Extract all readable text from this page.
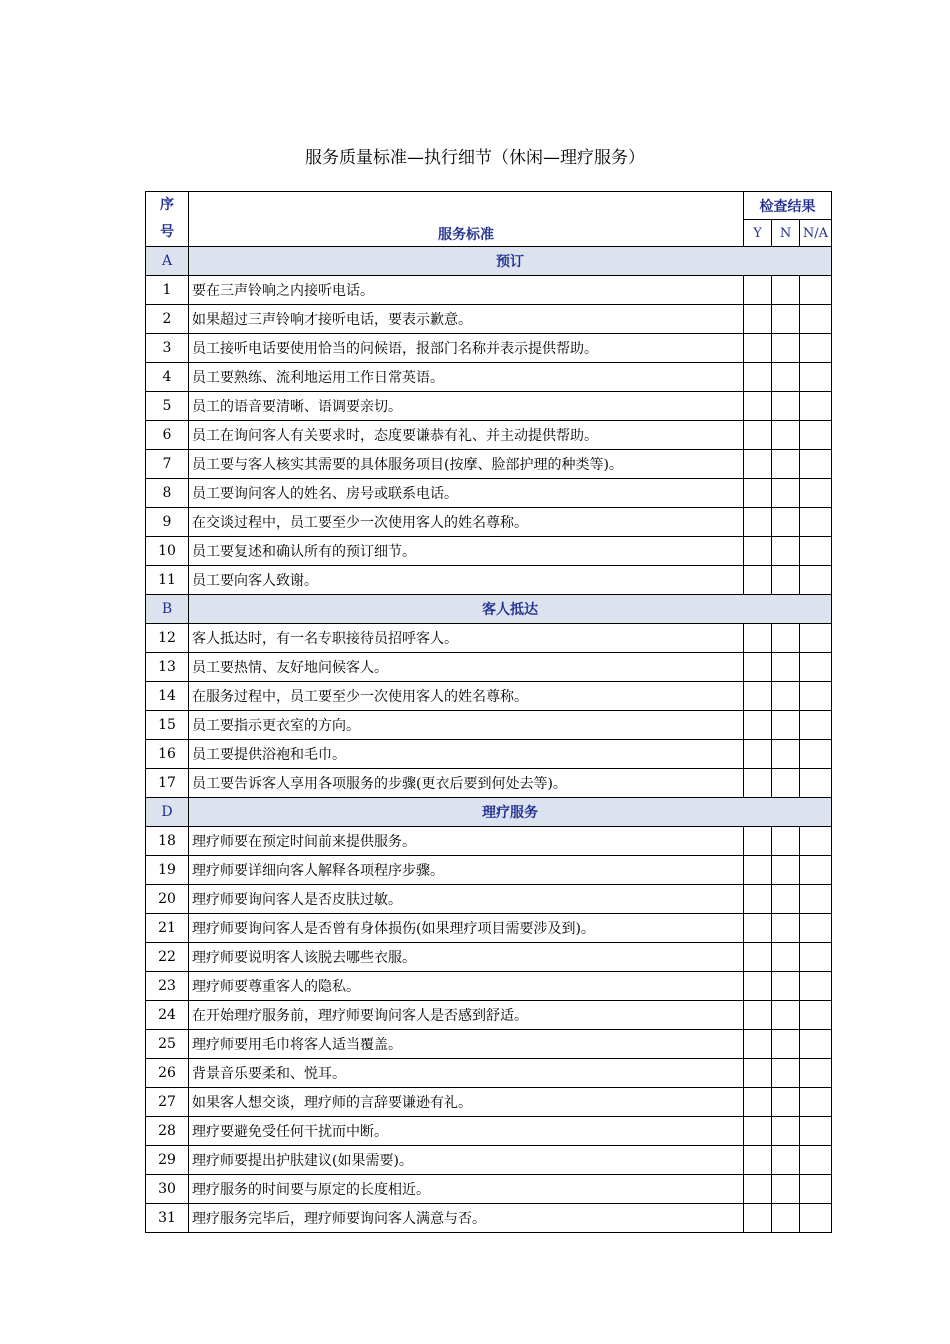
服务质量标准—执行细节（休闲—理疗服务）
序
号	服务标准	检查结果		
		Y	N	N/A
A	预订			
1	要在三声铃响之内接听电话。			
2	如果超过三声铃响才接听电话，要表示歉意。			
3	员工接听电话要使用恰当的问候语，报部门名称并表示提供帮助。			
4	员工要熟练、流利地运用工作日常英语。			
5	员工的语音要清晰、语调要亲切。			
6	员工在询问客人有关要求时，态度要谦恭有礼、并主动提供帮助。			
7	员工要与客人核实其需要的具体服务项目(按摩、脸部护理的种类等)。			
8	员工要询问客人的姓名、房号或联系电话。			
9	在交谈过程中，员工要至少一次使用客人的姓名尊称。			
10	员工要复述和确认所有的预订细节。			
11	员工要向客人致谢。			
B	客人抵达			
12	客人抵达时，有一名专职接待员招呼客人。			
13	员工要热情、友好地问候客人。			
14	在服务过程中，员工要至少一次使用客人的姓名尊称。			
15	员工要指示更衣室的方向。			
16	员工要提供浴袍和毛巾。			
17	员工要告诉客人享用各项服务的步骤(更衣后要到何处去等)。			
D	理疗服务			
18	理疗师要在预定时间前来提供服务。			
19	理疗师要详细向客人解释各项程序步骤。			
20	理疗师要询问客人是否皮肤过敏。			
21	理疗师要询问客人是否曾有身体损伤(如果理疗项目需要涉及到)。			
22	理疗师要说明客人该脱去哪些衣服。			
23	理疗师要尊重客人的隐私。			
24	在开始理疗服务前，理疗师要询问客人是否感到舒适。			
25	理疗师要用毛巾将客人适当覆盖。			
26	背景音乐要柔和、悦耳。			
27	如果客人想交谈，理疗师的言辞要谦逊有礼。			
28	理疗要避免受任何干扰而中断。			
29	理疗师要提出护肤建议(如果需要)。			
30	理疗服务的时间要与原定的长度相近。			
31	理疗服务完毕后，理疗师要询问客人满意与否。			
